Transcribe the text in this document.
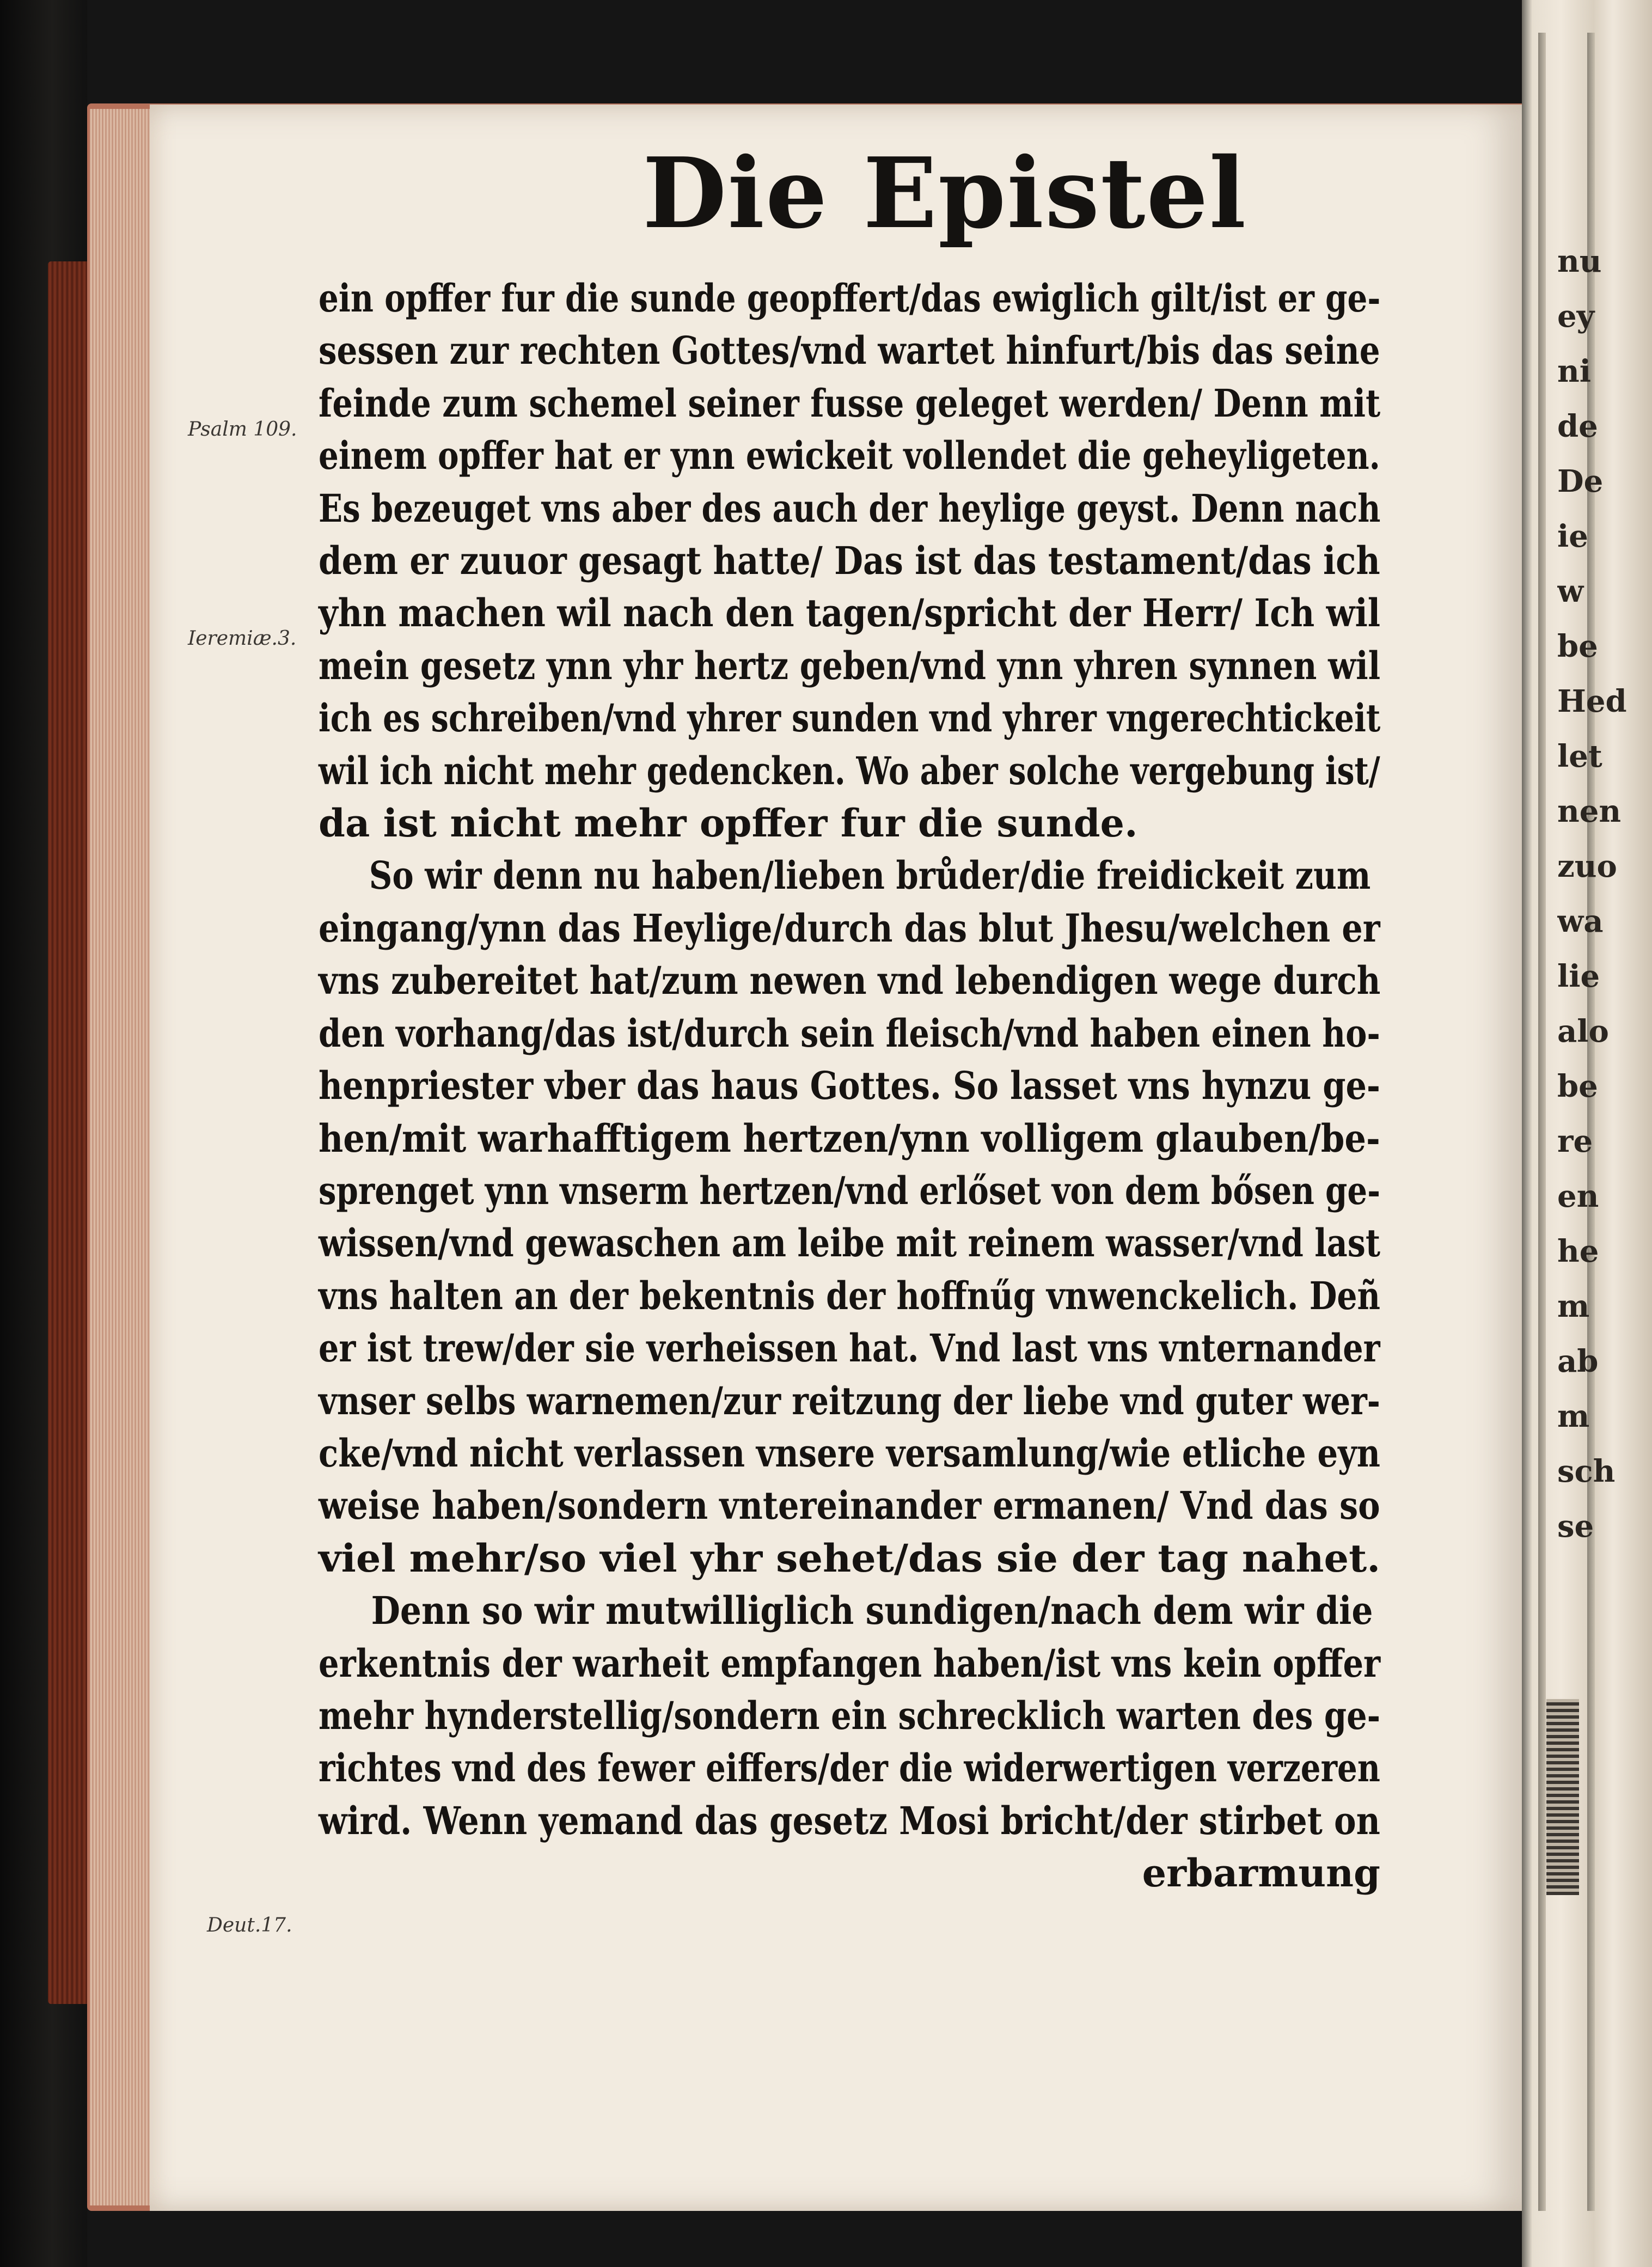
nu
ey
ni
de
De
ie
w
be
Hed
let
nen
zuo
wa
lie
alo
be
re
en
he
m
ab
m
sch
se
Die Epistel
Psalm 109.
Ieremiæ.3.
Deut.17.
ein opffer fur die sunde geopffert/das ewiglich gilt/ist er ge-
sessen zur rechten Gottes/vnd wartet hinfurt/bis das seine
feinde zum schemel seiner fusse geleget werden/ Denn mit
einem opffer hat er ynn ewickeit vollendet die geheyligeten.
Es bezeuget vns aber des auch der heylige geyst. Denn nach
dem er zuuor gesagt hatte/ Das ist das testament/das ich
yhn machen wil nach den tagen/spricht der Herr/ Ich wil
mein gesetz ynn yhr hertz geben/vnd ynn yhren synnen wil
ich es schreiben/vnd yhrer sunden vnd yhrer vngerechtickeit
wil ich nicht mehr gedencken. Wo aber solche vergebung ist/
da ist nicht mehr opffer fur die sunde.
So wir denn nu haben/lieben brůder/die freidickeit zum
eingang/ynn das Heylige/durch das blut Jhesu/welchen er
vns zubereitet hat/zum newen vnd lebendigen wege durch
den vorhang/das ist/durch sein fleisch/vnd haben einen ho-
henpriester vber das haus Gottes. So lasset vns hynzu ge-
hen/mit warhafftigem hertzen/ynn volligem glauben/be-
sprenget ynn vnserm hertzen/vnd erlőset von dem bősen ge-
wissen/vnd gewaschen am leibe mit reinem wasser/vnd last
vns halten an der bekentnis der hoffnűg vnwenckelich. Deñ
er ist trew/der sie verheissen hat. Vnd last vns vnternander
vnser selbs warnemen/zur reitzung der liebe vnd guter wer-
cke/vnd nicht verlassen vnsere versamlung/wie etliche eyn
weise haben/sondern vntereinander ermanen/ Vnd das so
viel mehr/so viel yhr sehet/das sie der tag nahet.
Denn so wir mutwilliglich sundigen/nach dem wir die
erkentnis der warheit empfangen haben/ist vns kein opffer
mehr hynderstellig/sondern ein schrecklich warten des ge-
richtes vnd des fewer eiffers/der die widerwertigen verzeren
wird. Wenn yemand das gesetz Mosi bricht/der stirbet on
erbarmung
